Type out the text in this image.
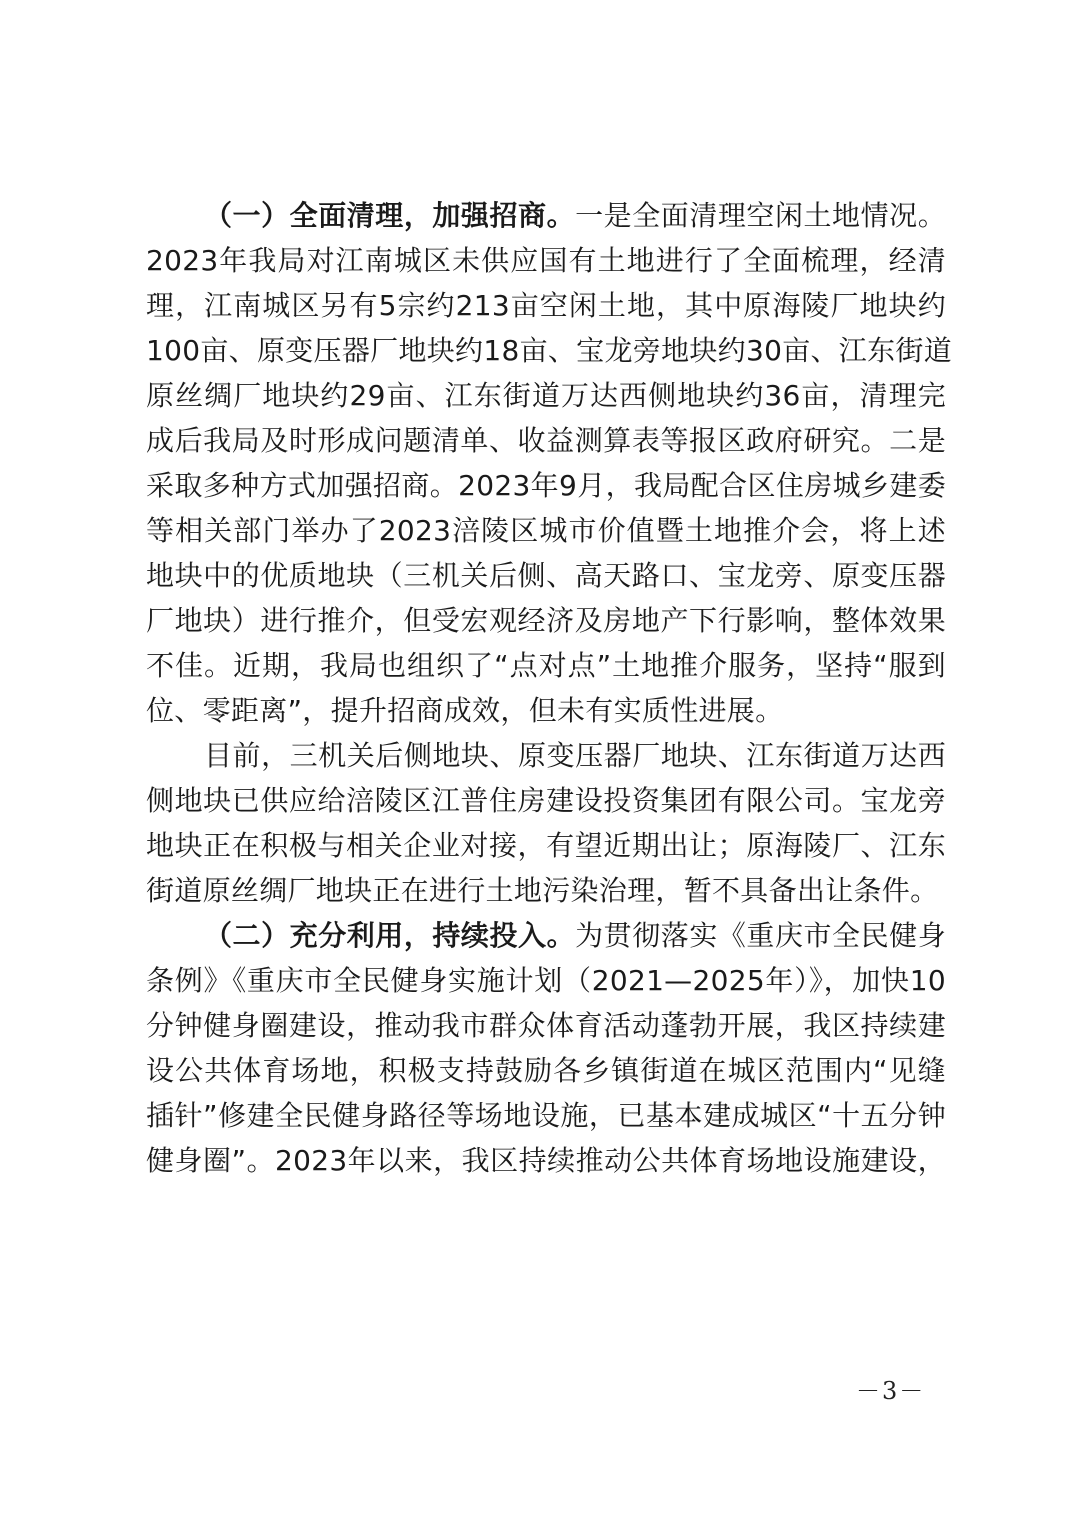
（一）全面清理，加强招商。一是全面清理空闲土地情况。
2023年我局对江南城区未供应国有土地进行了全面梳理，经清
理，江南城区另有5宗约213亩空闲土地，其中原海陵厂地块约
100亩、原变压器厂地块约18亩、宝龙旁地块约30亩、江东街道
原丝绸厂地块约29亩、江东街道万达西侧地块约36亩，清理完
成后我局及时形成问题清单、收益测算表等报区政府研究。二是
采取多种方式加强招商。2023年9月，我局配合区住房城乡建委
等相关部门举办了2023涪陵区城市价值暨土地推介会，将上述
地块中的优质地块（三机关后侧、高天路口、宝龙旁、原变压器
厂地块）进行推介，但受宏观经济及房地产下行影响，整体效果
不佳。近期，我局也组织了“点对点”土地推介服务，坚持“服到
位、零距离”，提升招商成效，但未有实质性进展。

目前，三机关后侧地块、原变压器厂地块、江东街道万达西
侧地块已供应给涪陵区江普住房建设投资集团有限公司。宝龙旁
地块正在积极与相关企业对接，有望近期出让；原海陵厂、江东
街道原丝绸厂地块正在进行土地污染治理，暂不具备出让条件。

（二）充分利用，持续投入。为贯彻落实《重庆市全民健身
条例》《重庆市全民健身实施计划（2021—2025年）》，加快10
分钟健身圈建设，推动我市群众体育活动蓬勃开展，我区持续建
设公共体育场地，积极支持鼓励各乡镇街道在城区范围内“见缝
插针”修建全民健身路径等场地设施，已基本建成城区“十五分钟
健身圈”。2023年以来，我区持续推动公共体育场地设施建设，

－3－
